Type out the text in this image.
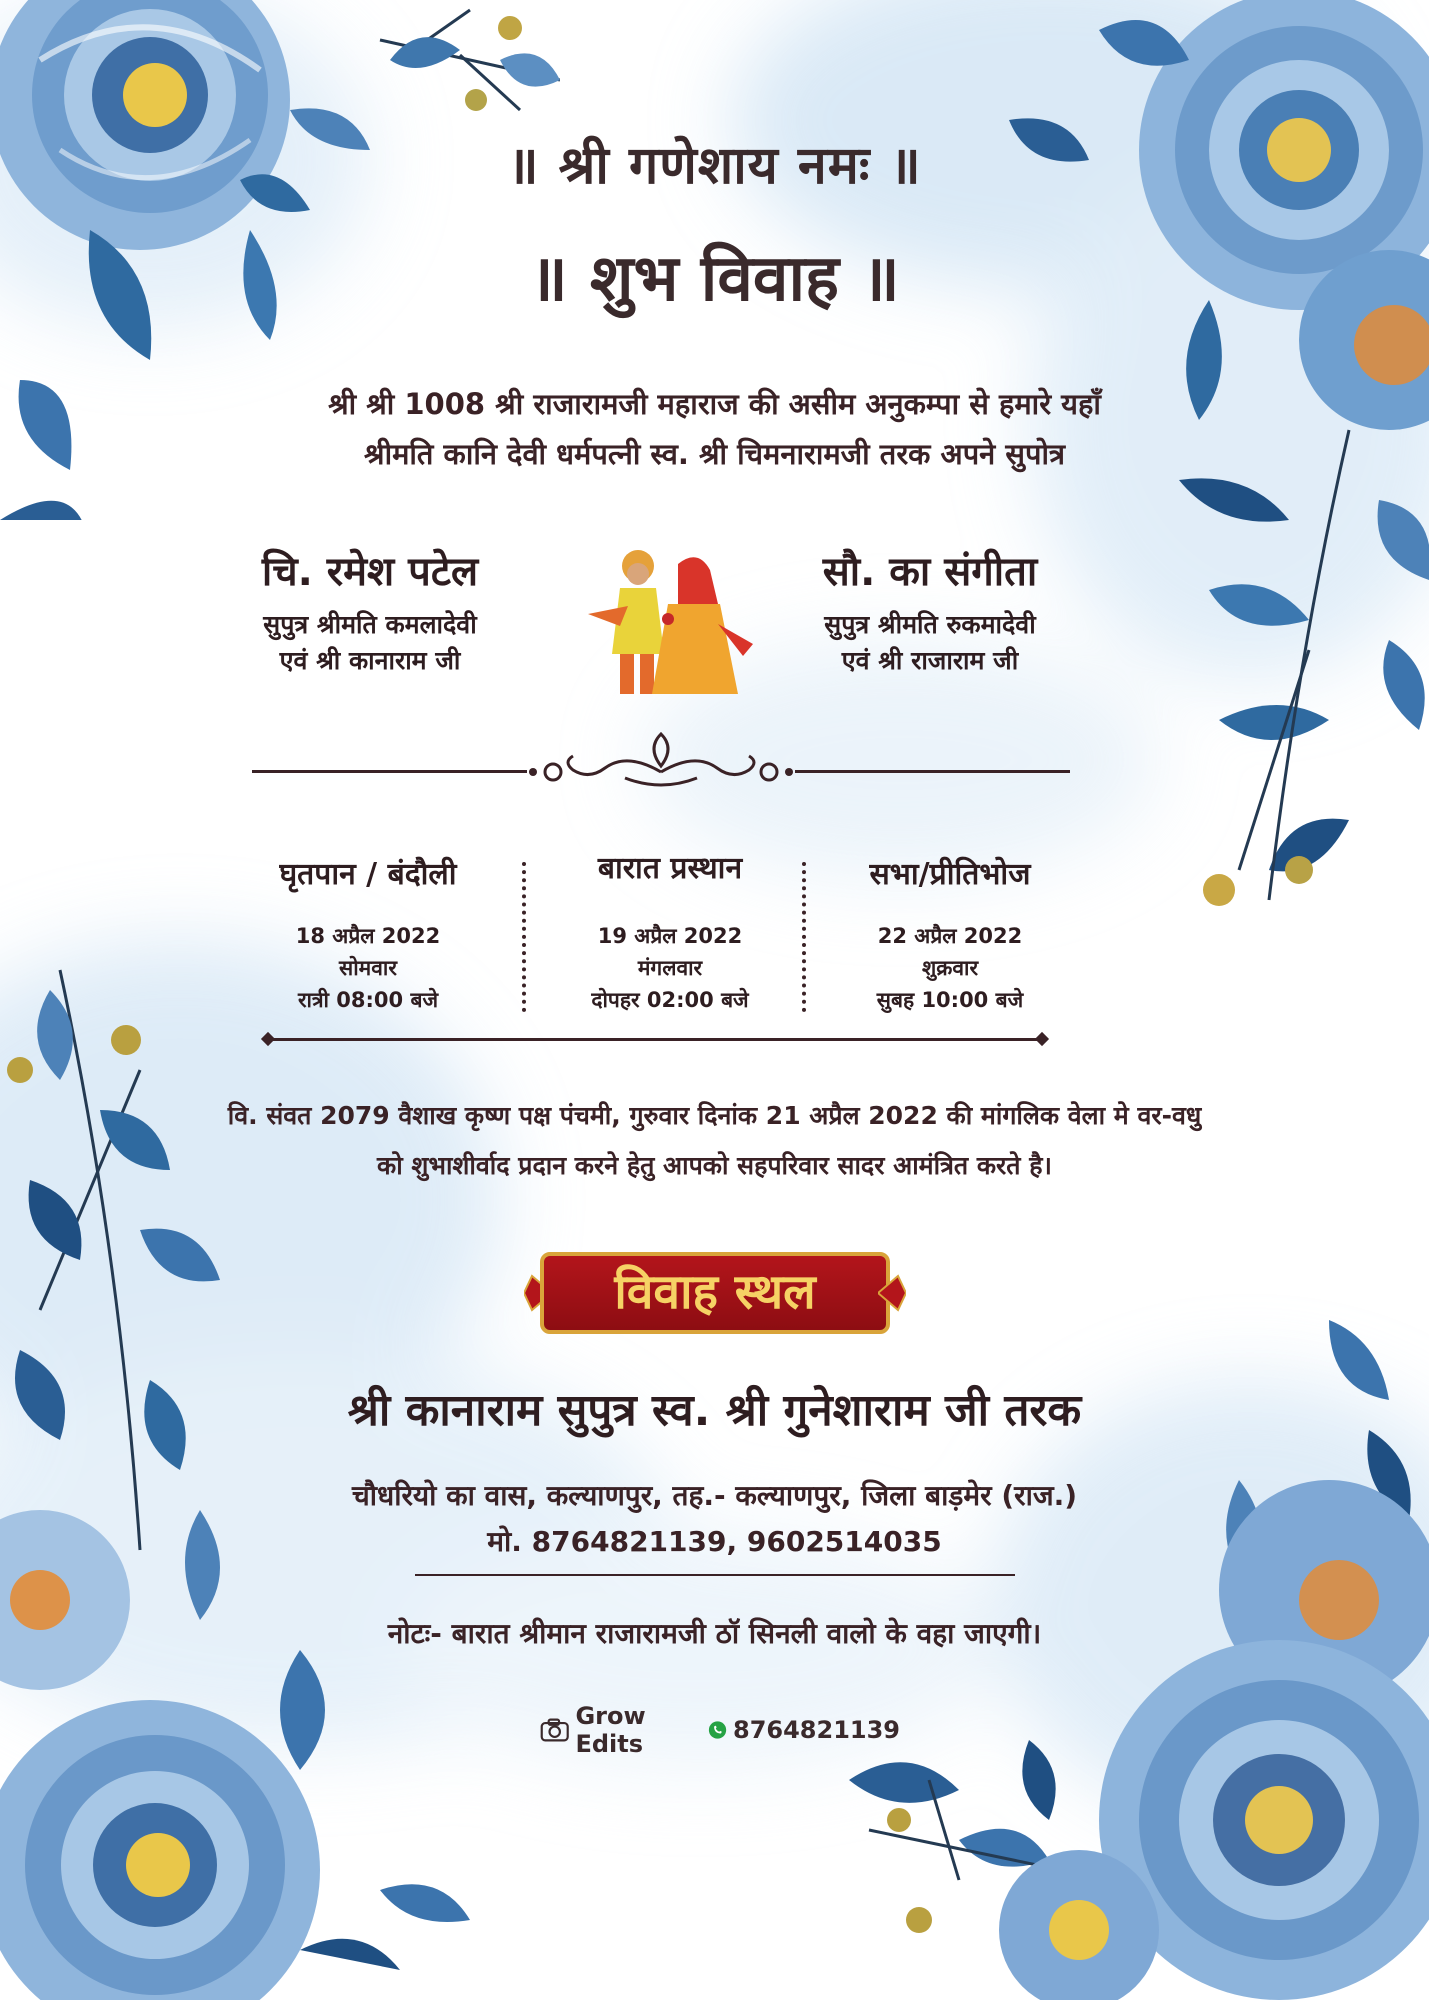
॥ श्री गणेशाय नमः ॥
॥ शुभ विवाह ॥
श्री श्री 1008 श्री राजारामजी महाराज की असीम अनुकम्पा से हमारे यहाँ
श्रीमति कानि देवी धर्मपत्नी स्व. श्री चिमनारामजी तरक अपने सुपोत्र
चि. रमेश पटेल
सुपुत्र श्रीमति कमलादेवी
एवं श्री कानाराम जी
सौ. का संगीता
सुपुत्र श्रीमति रुकमादेवी
एवं श्री राजाराम जी
घृतपान / बंदौली
18 अप्रैल 2022
सोमवार
रात्री 08:00 बजे
बारात प्रस्थान
19 अप्रैल 2022
मंगलवार
दोपहर 02:00 बजे
सभा/प्रीतिभोज
22 अप्रैल 2022
शुक्रवार
सुबह 10:00 बजे
वि. संवत 2079 वैशाख कृष्ण पक्ष पंचमी, गुरुवार दिनांक 21 अप्रैल 2022 की मांगलिक वेला मे वर-वधु
को शुभाशीर्वाद प्रदान करने हेतु आपको सहपरिवार सादर आमंत्रित करते है।
विवाह स्थल
श्री कानाराम सुपुत्र स्व. श्री गुनेशाराम जी तरक
चौधरियो का वास, कल्याणपुर, तह.- कल्याणपुर, जिला बाड़मेर (राज.)
मो. 8764821139, 9602514035
नोटः- बारात श्रीमान राजारामजी ठॉ सिनली वालो के वहा जाएगी।
Grow Edits	8764821139
